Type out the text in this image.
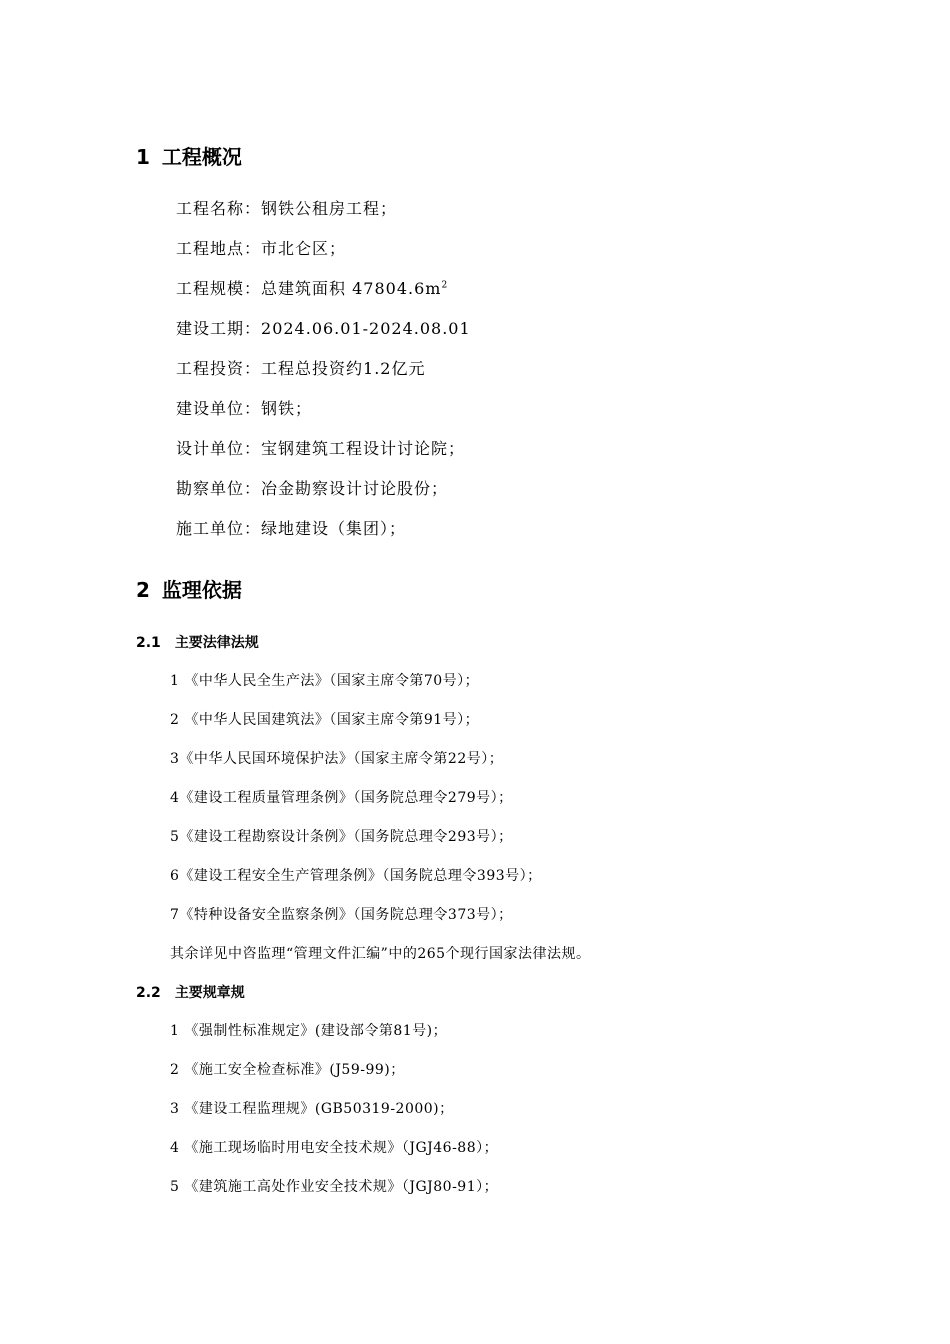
1 工程概况
工程名称：钢铁公租房工程；
工程地点：市北仑区；
工程规模：总建筑面积 $47804.6m^2$
建设工期：2024.06.01-2024.08.01
工程投资：工程总投资约1.2亿元
建设单位：钢铁；
设计单位：宝钢建筑工程设计讨论院；
勘察单位：冶金勘察设计讨论股份；
施工单位：绿地建设（集团）；
2 监理依据
2.1 主要法律法规
1 《中华人民全生产法》（国家主席令第70号）；
2 《中华人民国建筑法》（国家主席令第91号）；
3《中华人民国环境保护法》（国家主席令第22号）；
4《建设工程质量管理条例》（国务院总理令279号）；
5《建设工程勘察设计条例》（国务院总理令293号）；
6《建设工程安全生产管理条例》（国务院总理令393号）；
7《特种设备安全监察条例》（国务院总理令373号）；
其余详见中咨监理“管理文件汇编”中的265个现行国家法律法规。
2.2 主要规章规
1 《强制性标准规定》(建设部令第81号)；
2 《施工安全检查标准》(J59-99)；
3 《建设工程监理规》(GB50319-2000)；
4 《施工现场临时用电安全技术规》（JGJ46-88）；
5 《建筑施工高处作业安全技术规》（JGJ80-91）；
